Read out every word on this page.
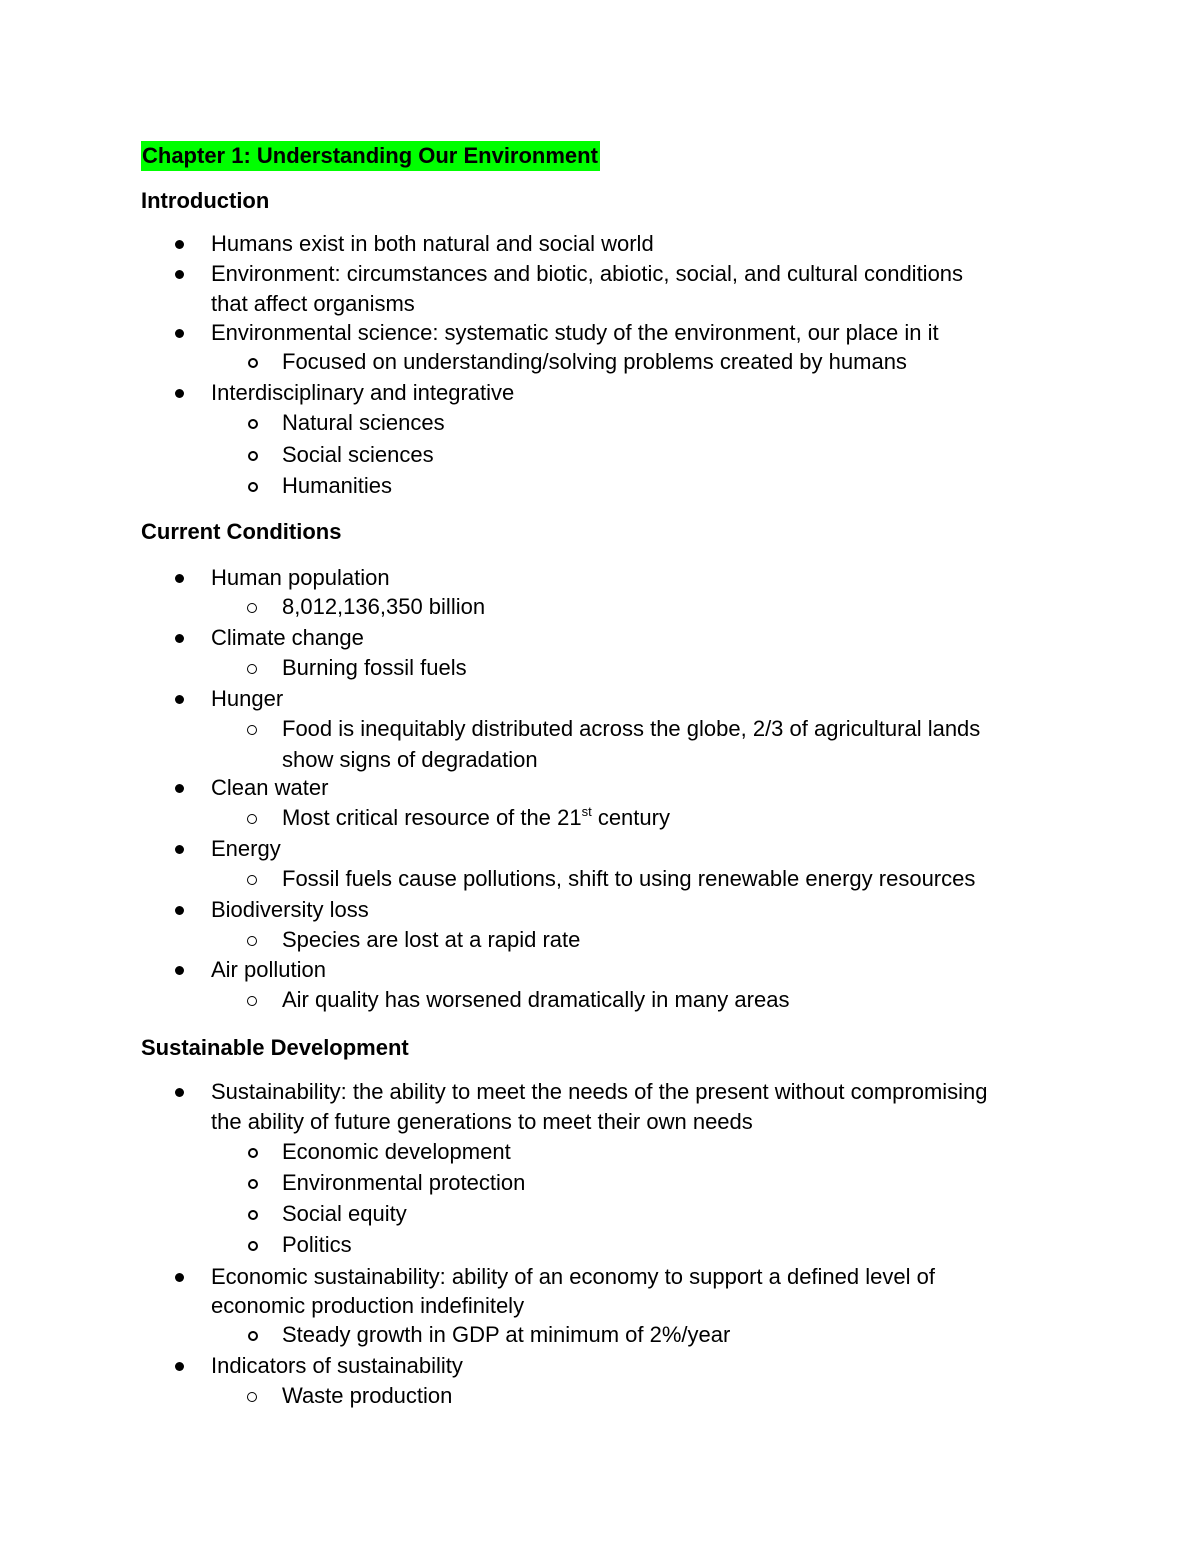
Chapter 1: Understanding Our Environment
Introduction
Humans exist in both natural and social world
Environment: circumstances and biotic, abiotic, social, and cultural conditions
that affect organisms
Environmental science: systematic study of the environment, our place in it
Focused on understanding/solving problems created by humans
Interdisciplinary and integrative
Natural sciences
Social sciences
Humanities
Current Conditions
Human population
8,012,136,350 billion
Climate change
Burning fossil fuels
Hunger
Food is inequitably distributed across the globe, 2/3 of agricultural lands
show signs of degradation
Clean water
Most critical resource of the 21st century
Energy
Fossil fuels cause pollutions, shift to using renewable energy resources
Biodiversity loss
Species are lost at a rapid rate
Air pollution
Air quality has worsened dramatically in many areas
Sustainable Development
Sustainability: the ability to meet the needs of the present without compromising
the ability of future generations to meet their own needs
Economic development
Environmental protection
Social equity
Politics
Economic sustainability: ability of an economy to support a defined level of
economic production indefinitely
Steady growth in GDP at minimum of 2%/year
Indicators of sustainability
Waste production
